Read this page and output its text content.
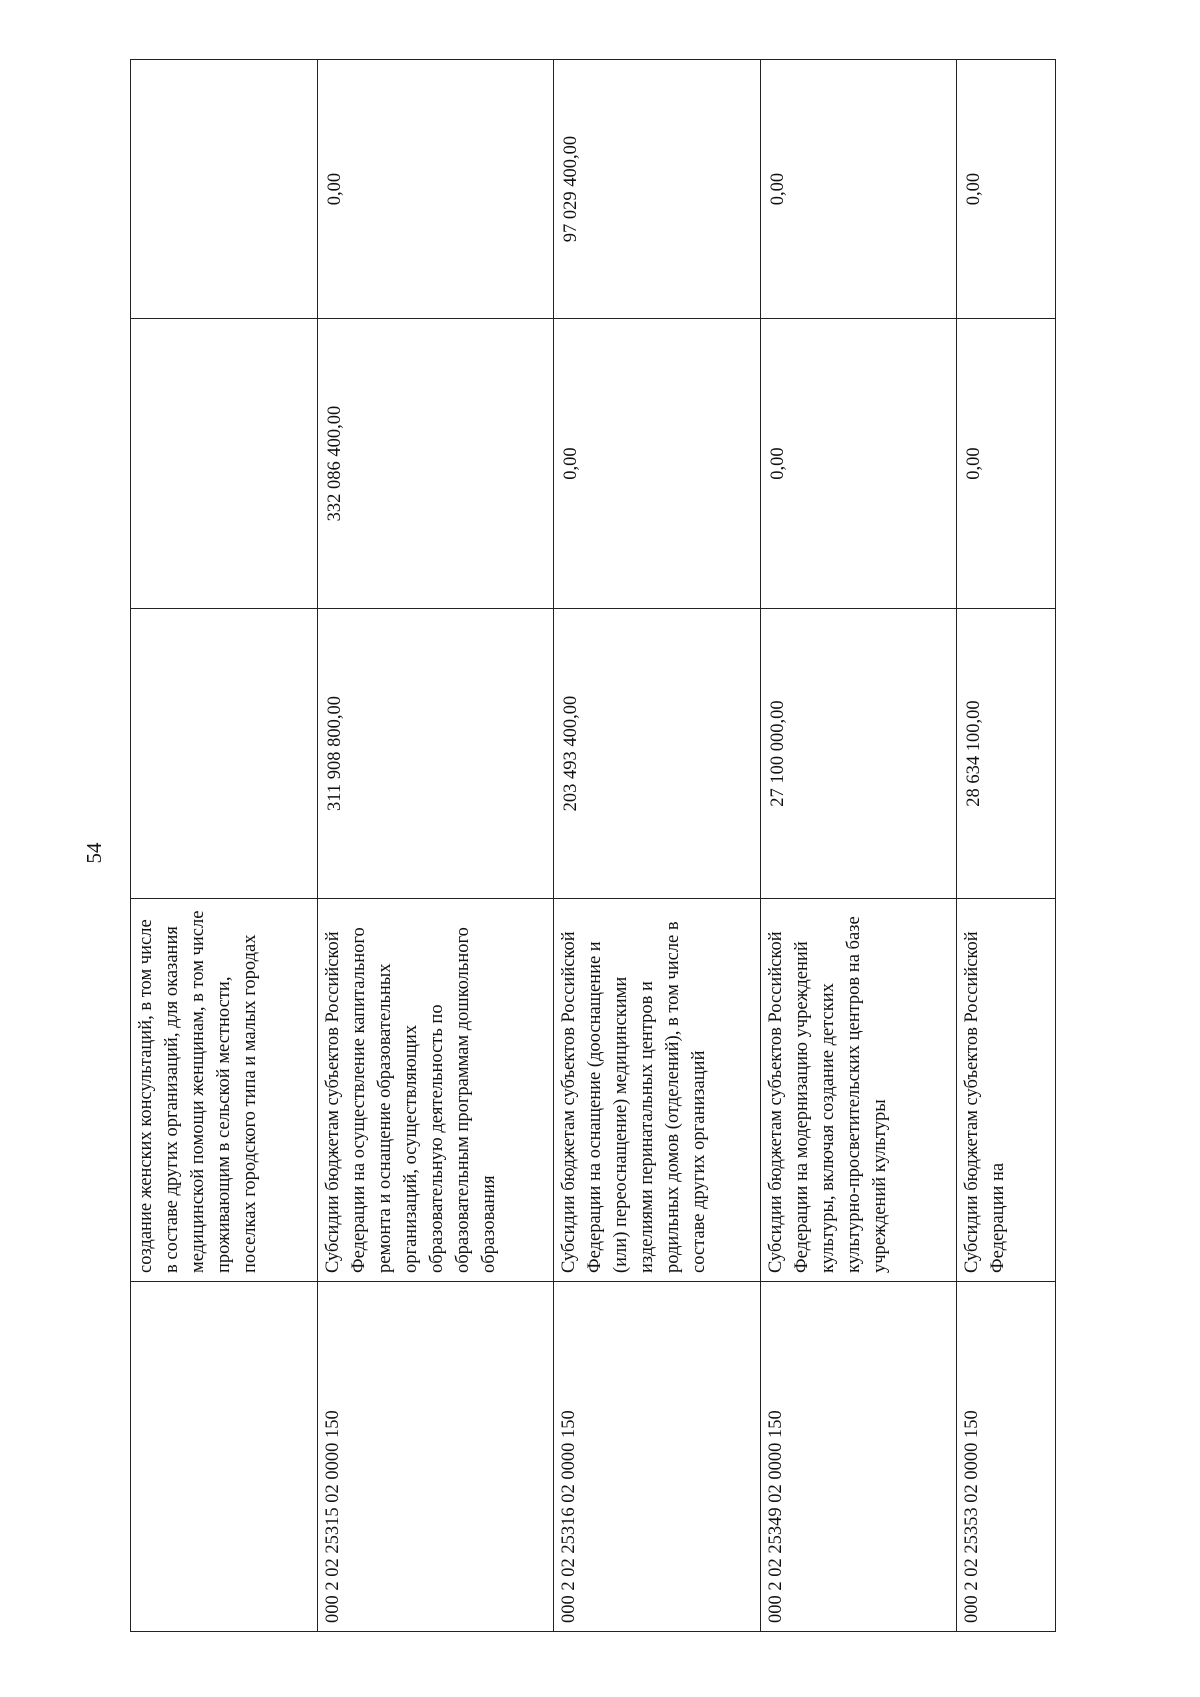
54
	создание женских консультаций, в том числе в составе других организаций, для оказания медицинской помощи женщинам, в том числе проживающим в сельской местности, поселках городского типа и малых городах			
000 2 02 25315 02 0000 150	Субсидии бюджетам субъектов Российской Федерации на осуществление капитального ремонта и оснащение образовательных организаций, осуществляющих образовательную деятельность по образовательным программам дошкольного образования	311 908 800,00	332 086 400,00	0,00
000 2 02 25316 02 0000 150	Субсидии бюджетам субъектов Российской Федерации на оснащение (дооснащение и (или) переоснащение) медицинскими изделиями перинатальных центров и родильных домов (отделений), в том числе в составе других организаций	203 493 400,00	0,00	97 029 400,00
000 2 02 25349 02 0000 150	Субсидии бюджетам субъектов Российской Федерации на модернизацию учреждений культуры, включая создание детских культурно-просветительских центров на базе учреждений культуры	27 100 000,00	0,00	0,00
000 2 02 25353 02 0000 150	Субсидии бюджетам субъектов Российской Федерации на	28 634 100,00	0,00	0,00
